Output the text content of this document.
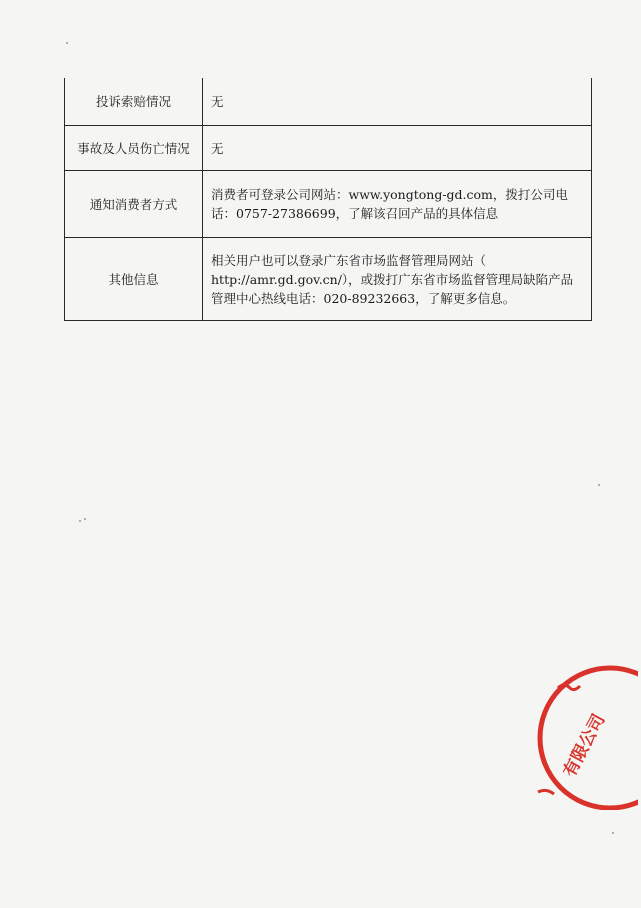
投诉索赔情况	无
事故及人员伤亡情况	无
通知消费者方式	消费者可登录公司网站：www.yongtong-gd.com，拨打公司电话：0757-27386699，了解该召回产品的具体信息
其他信息	相关用户也可以登录广东省市场监督管理局网站（ http://amr.gd.gov.cn/），或拨打广东省市场监督管理局缺陷产品管理中心热线电话：020-89232663，了解更多信息。
有限公司
